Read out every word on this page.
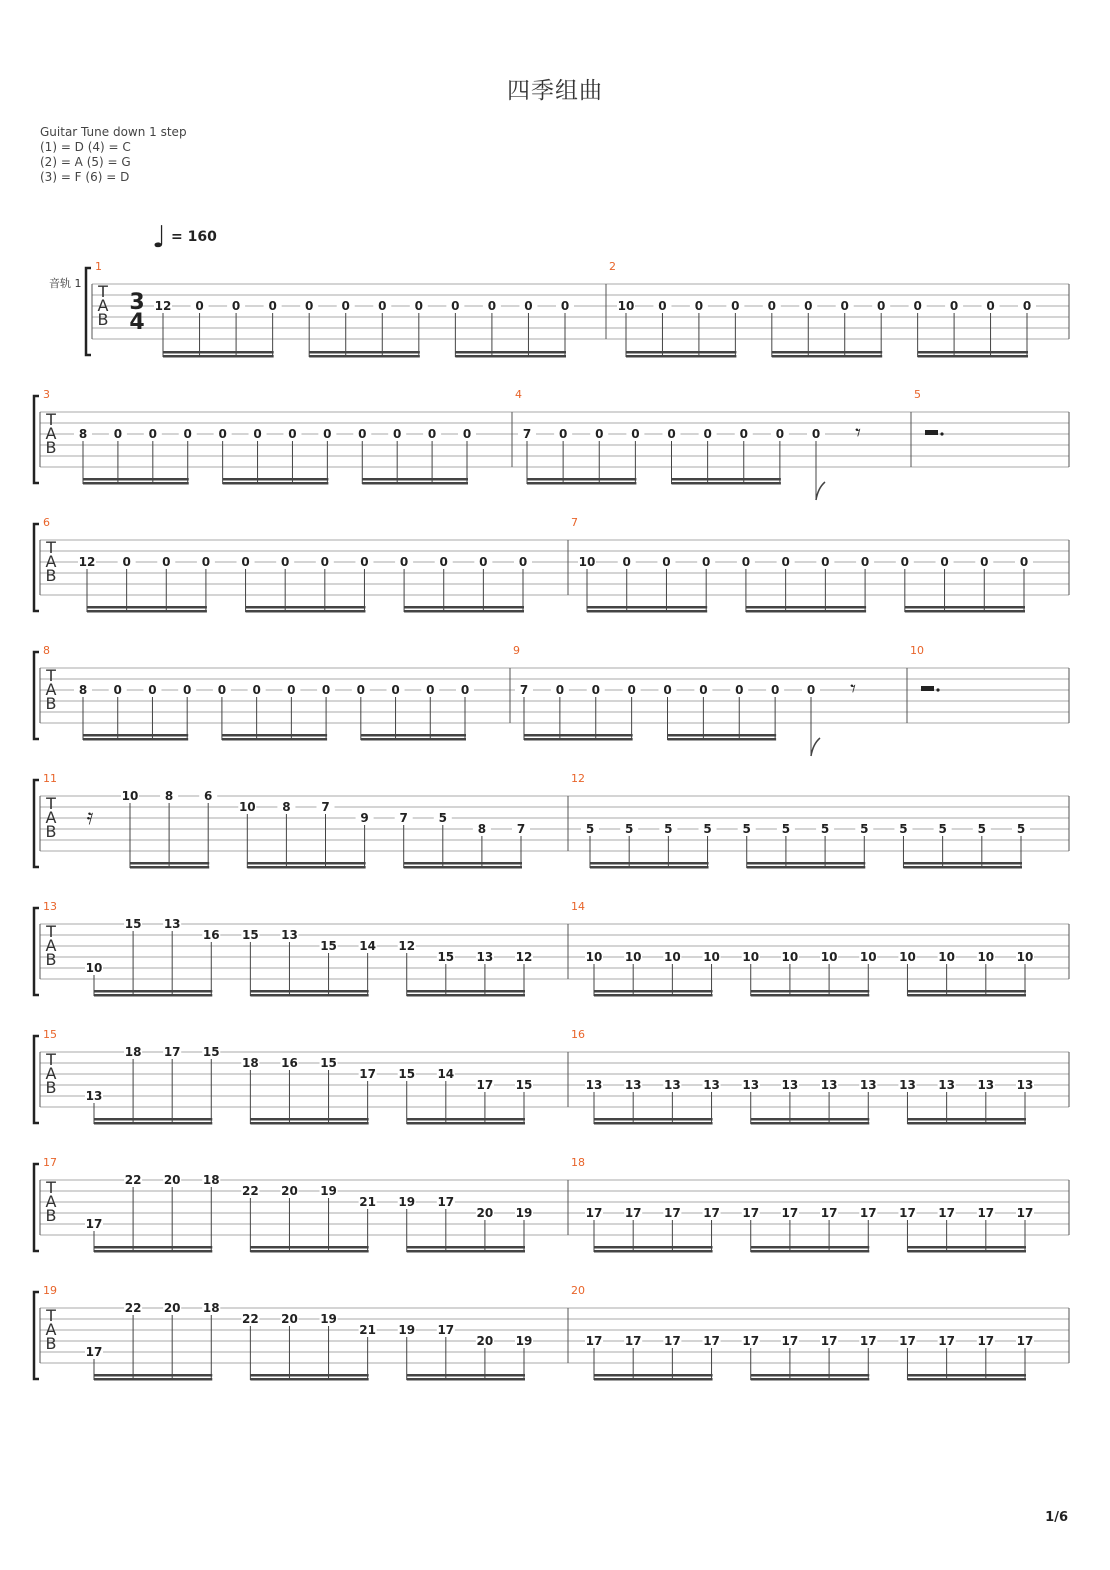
四季组曲
Guitar Tune down 1 step
(1) = D (4) = C
(2) = A (5) = G
(3) = F (6) = D
♩ = 160
音轨 1 T
A
B
3
4
1
12 0 0 0 0 0 0 0 0 0 0 0
2
10 0 0 0 0 0 0 0 0 0 0 0
T
A
B
3
8 0 0 0 0 0 0 0 0 0 0 0
4
7 0 0 0 0 0 0 0 0 𝄾
5
T
A
B
6
12 0	0	0	0	0	0	0	0	0	0	0
7
10 0	0	0	0	0	0	0	0	0	0	0
T
A
B
8
8 0 0 0 0 0 0 0 0 0 0 0
9
7 0 0 0 0 0 0 0 0 𝄾
10
T
A
B
11
𝄿
10 8	6
10 8	7
9	7	5
8	7
12
5	5	5	5	5	5	5	5	5	5	5	5
T
A
B
13
10
15 13
16 15 13
15 14 12
15 13 12
14
10 10 10 10 10 10 10 10 10 10 10 10
T
A
B
15
13
18 17 15
18 16 15
17 15 14
17 15
16
13 13 13 13 13 13 13 13 13 13 13 13
T
A
B
17
17
22 20 18
22 20 19
21 19 17
20 19
18
17 17 17 17 17 17 17 17 17 17 17 17
T
A
B
19
17
22 20 18
22 20 19
21 19 17
20 19
20
17 17 17 17 17 17 17 17 17 17 17 17
1/6
